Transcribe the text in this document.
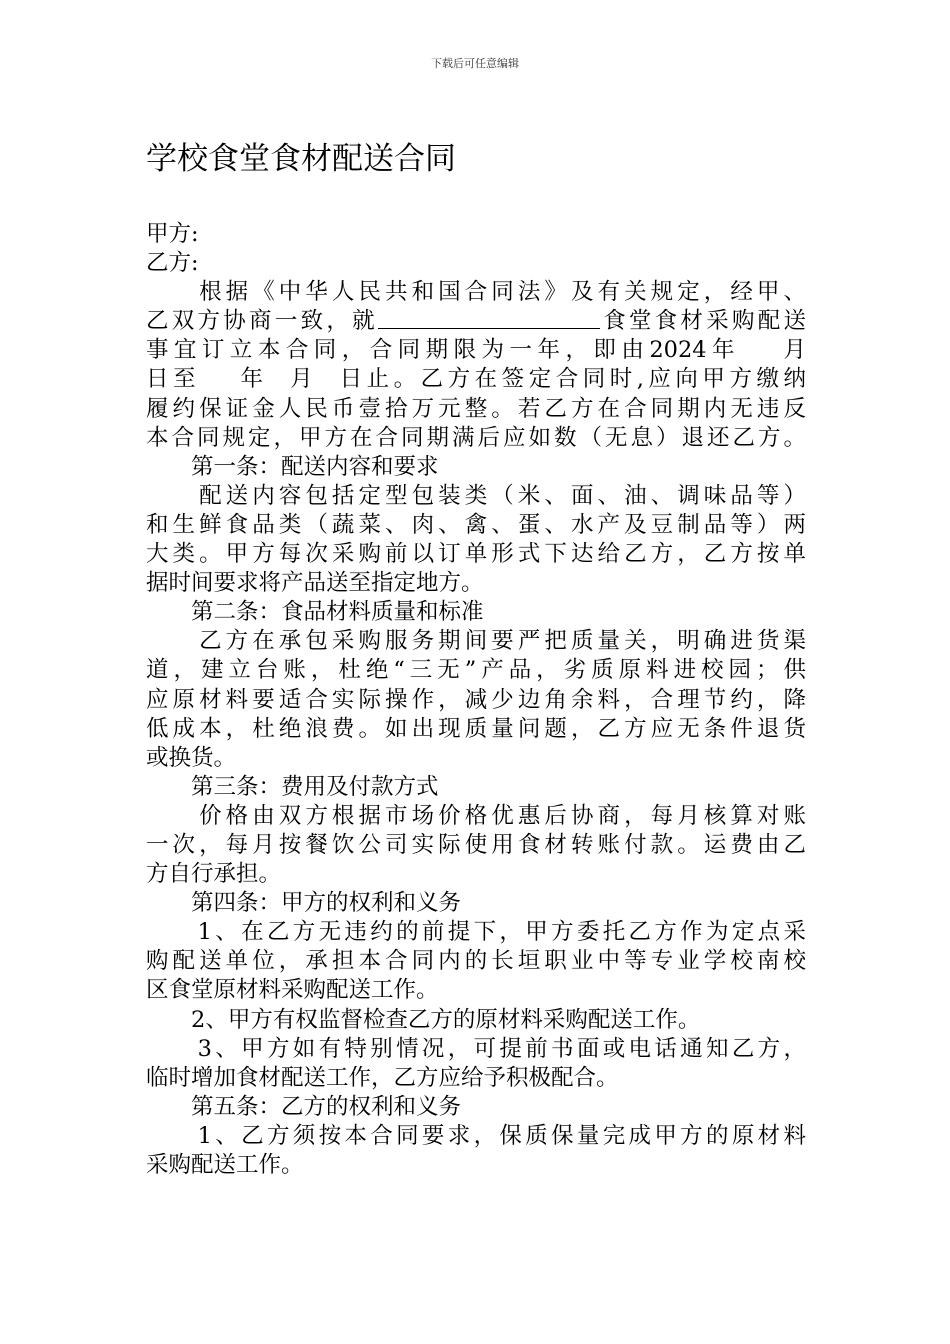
下载后可任意编辑
学校食堂食材配送合同
甲方:
乙方:
　　根据《中华人民共和国合同法》及有关规定，经甲、
乙双方协商一致，就	食堂食材采购配送
事宜订立本合同，合同期限为一年，即由2024年 月
日至 年 月 日止。乙方在签定合同时,应向甲方缴纳
履约保证金人民币壹拾万元整。若乙方在合同期内无违反
本合同规定，甲方在合同期满后应如数（无息）退还乙方。
　　第一条：配送内容和要求
　　配送内容包括定型包装类（米、面、油、调味品等）
和生鲜食品类（蔬菜、肉、禽、蛋、水产及豆制品等）两
大类。甲方每次采购前以订单形式下达给乙方，乙方按单
据时间要求将产品送至指定地方。
　　第二条：食品材料质量和标准
　　乙方在承包采购服务期间要严把质量关，明确进货渠
道，建立台账，杜绝“三无”产品，劣质原料进校园；供
应原材料要适合实际操作，减少边角余料，合理节约，降
低成本，杜绝浪费。如出现质量问题，乙方应无条件退货
或换货。
　　第三条：费用及付款方式
　　价格由双方根据市场价格优惠后协商，每月核算对账
一次，每月按餐饮公司实际使用食材转账付款。运费由乙
方自行承担。
　　第四条：甲方的权利和义务
　　1、在乙方无违约的前提下，甲方委托乙方作为定点采
购配送单位，承担本合同内的长垣职业中等专业学校南校
区食堂原材料采购配送工作。
　　2、甲方有权监督检查乙方的原材料采购配送工作。
　　3、甲方如有特别情况，可提前书面或电话通知乙方，
临时增加食材配送工作，乙方应给予积极配合。
　　第五条：乙方的权利和义务
　　1、乙方须按本合同要求，保质保量完成甲方的原材料
采购配送工作。
